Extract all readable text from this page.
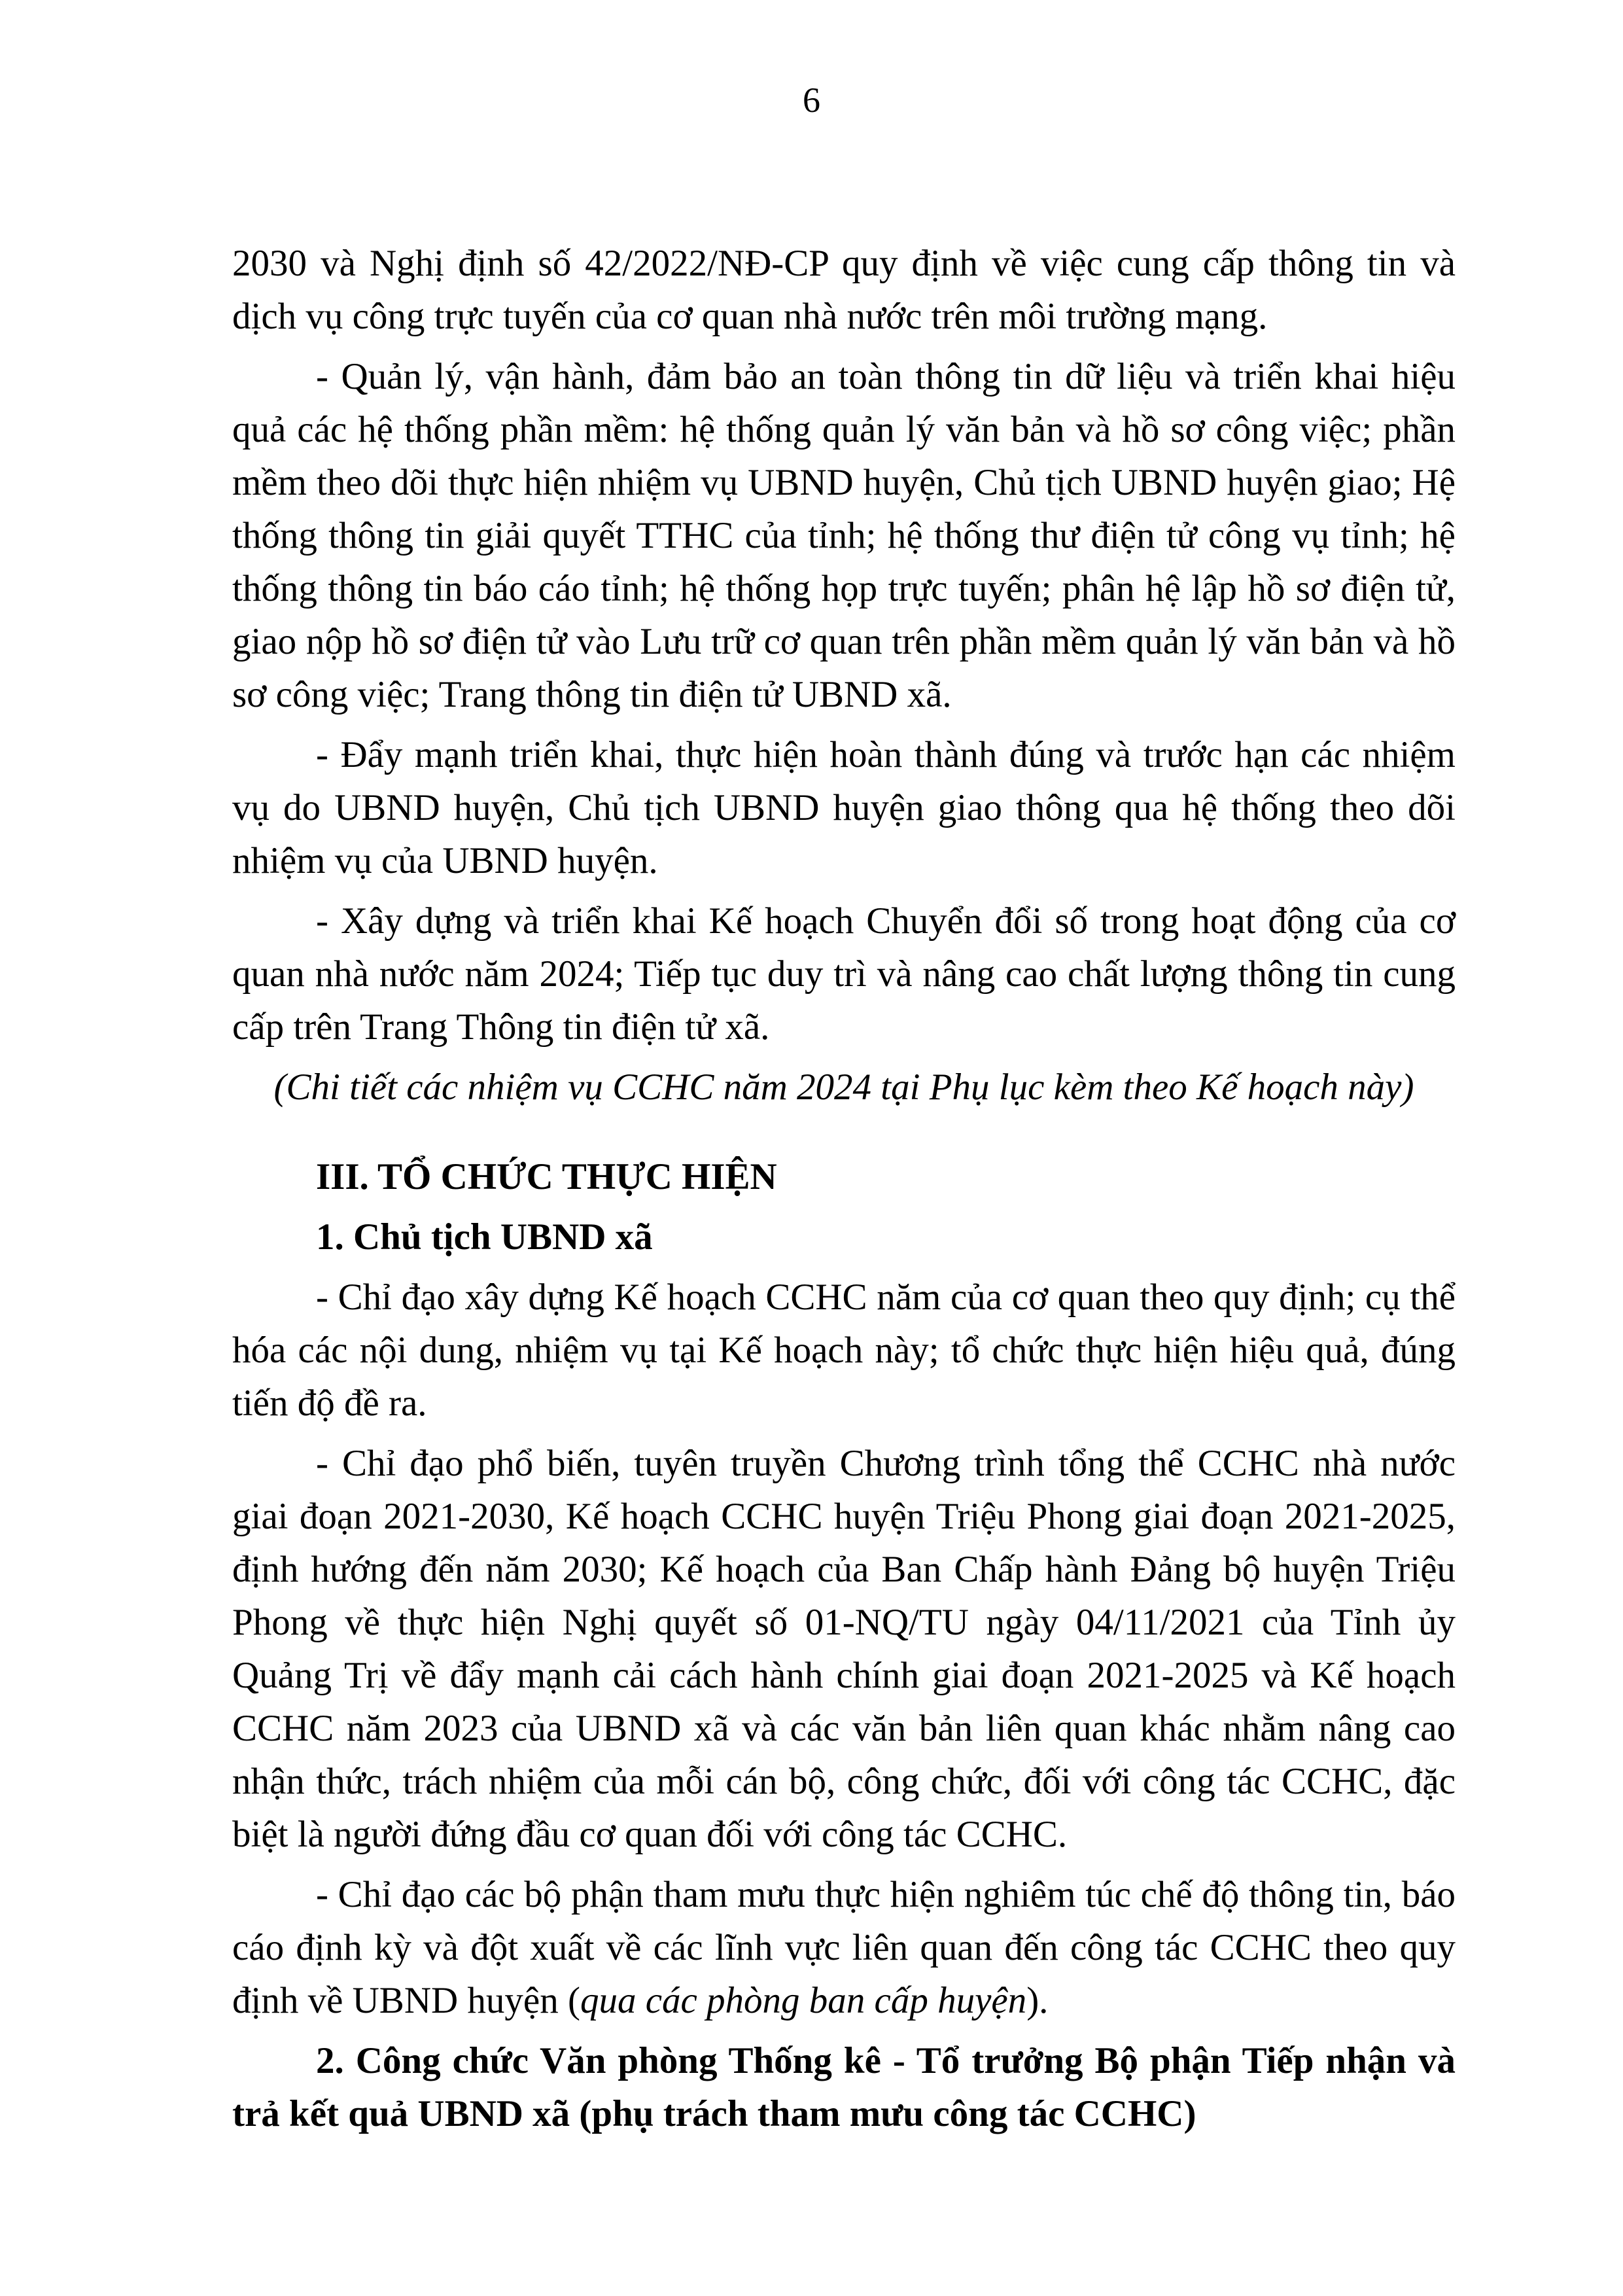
6

2030 và Nghị định số 42/2022/NĐ-CP quy định về việc cung cấp thông tin và dịch vụ công trực tuyến của cơ quan nhà nước trên môi trường mạng.

- Quản lý, vận hành, đảm bảo an toàn thông tin dữ liệu và triển khai hiệu quả các hệ thống phần mềm: hệ thống quản lý văn bản và hồ sơ công việc; phần mềm theo dõi thực hiện nhiệm vụ UBND huyện, Chủ tịch UBND huyện giao; Hệ thống thông tin giải quyết TTHC của tỉnh; hệ thống thư điện tử công vụ tỉnh; hệ thống thông tin báo cáo tỉnh; hệ thống họp trực tuyến; phân hệ lập hồ sơ điện tử, giao nộp hồ sơ điện tử vào Lưu trữ cơ quan trên phần mềm quản lý văn bản và hồ sơ công việc; Trang thông tin điện tử UBND xã.

- Đẩy mạnh triển khai, thực hiện hoàn thành đúng và trước hạn các nhiệm vụ do UBND huyện, Chủ tịch UBND huyện giao thông qua hệ thống theo dõi nhiệm vụ của UBND huyện.

- Xây dựng và triển khai Kế hoạch Chuyển đổi số trong hoạt động của cơ quan nhà nước năm 2024; Tiếp tục duy trì và nâng cao chất lượng thông tin cung cấp trên Trang Thông tin điện tử xã.

(Chi tiết các nhiệm vụ CCHC năm 2024 tại Phụ lục kèm theo Kế hoạch này)

III. TỔ CHỨC THỰC HIỆN

1. Chủ tịch UBND xã

- Chỉ đạo xây dựng Kế hoạch CCHC năm của cơ quan theo quy định; cụ thể hóa các nội dung, nhiệm vụ tại Kế hoạch này; tổ chức thực hiện hiệu quả, đúng tiến độ đề ra.

- Chỉ đạo phổ biến, tuyên truyền Chương trình tổng thể CCHC nhà nước giai đoạn 2021-2030, Kế hoạch CCHC huyện Triệu Phong giai đoạn 2021-2025, định hướng đến năm 2030; Kế hoạch của Ban Chấp hành Đảng bộ huyện Triệu Phong về thực hiện Nghị quyết số 01-NQ/TU ngày 04/11/2021 của Tỉnh ủy Quảng Trị về đẩy mạnh cải cách hành chính giai đoạn 2021-2025 và Kế hoạch CCHC năm 2023 của UBND xã và các văn bản liên quan khác nhằm nâng cao nhận thức, trách nhiệm của mỗi cán bộ, công chức, đối với công tác CCHC, đặc biệt là người đứng đầu cơ quan đối với công tác CCHC.

- Chỉ đạo các bộ phận tham mưu thực hiện nghiêm túc chế độ thông tin, báo cáo định kỳ và đột xuất về các lĩnh vực liên quan đến công tác CCHC theo quy định về UBND huyện (qua các phòng ban cấp huyện).

2. Công chức Văn phòng Thống kê - Tổ trưởng Bộ phận Tiếp nhận và trả kết quả UBND xã (phụ trách tham mưu công tác CCHC)
